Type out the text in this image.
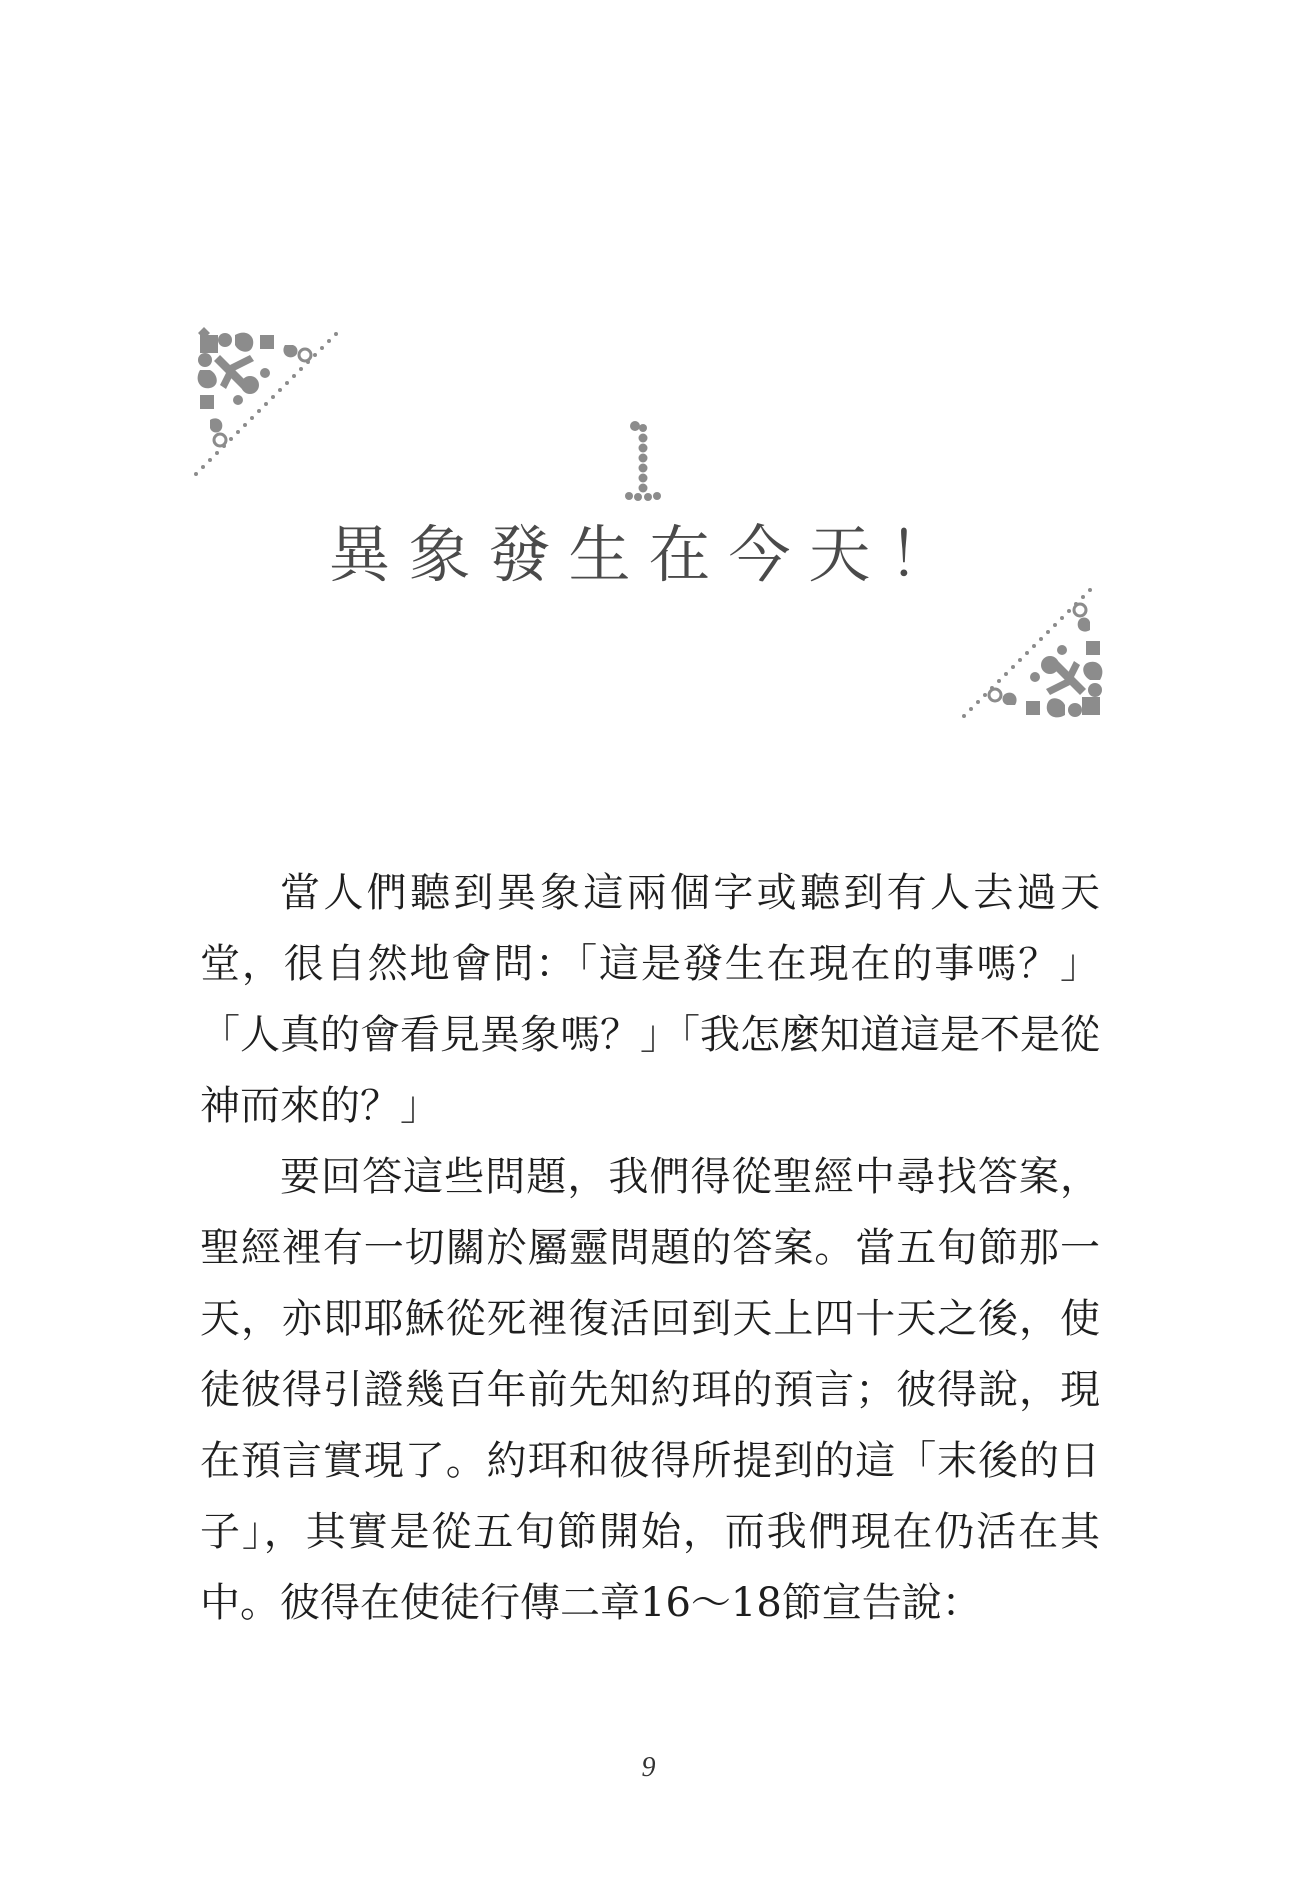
異象發生在今天！

當人們聽到異象這兩個字或聽到有人去過天堂，很自然地會問：「這是發生在現在的事嗎？」「人真的會看見異象嗎？」「我怎麼知道這是不是從神而來的？」

要回答這些問題，我們得從聖經中尋找答案，聖經裡有一切關於屬靈問題的答案。當五旬節那一天，亦即耶穌從死裡復活回到天上四十天之後，使徒彼得引證幾百年前先知約珥的預言；彼得說，現在預言實現了。約珥和彼得所提到的這「末後的日子」，其實是從五旬節開始，而我們現在仍活在其中。彼得在使徒行傳二章16～18節宣告說：

9
